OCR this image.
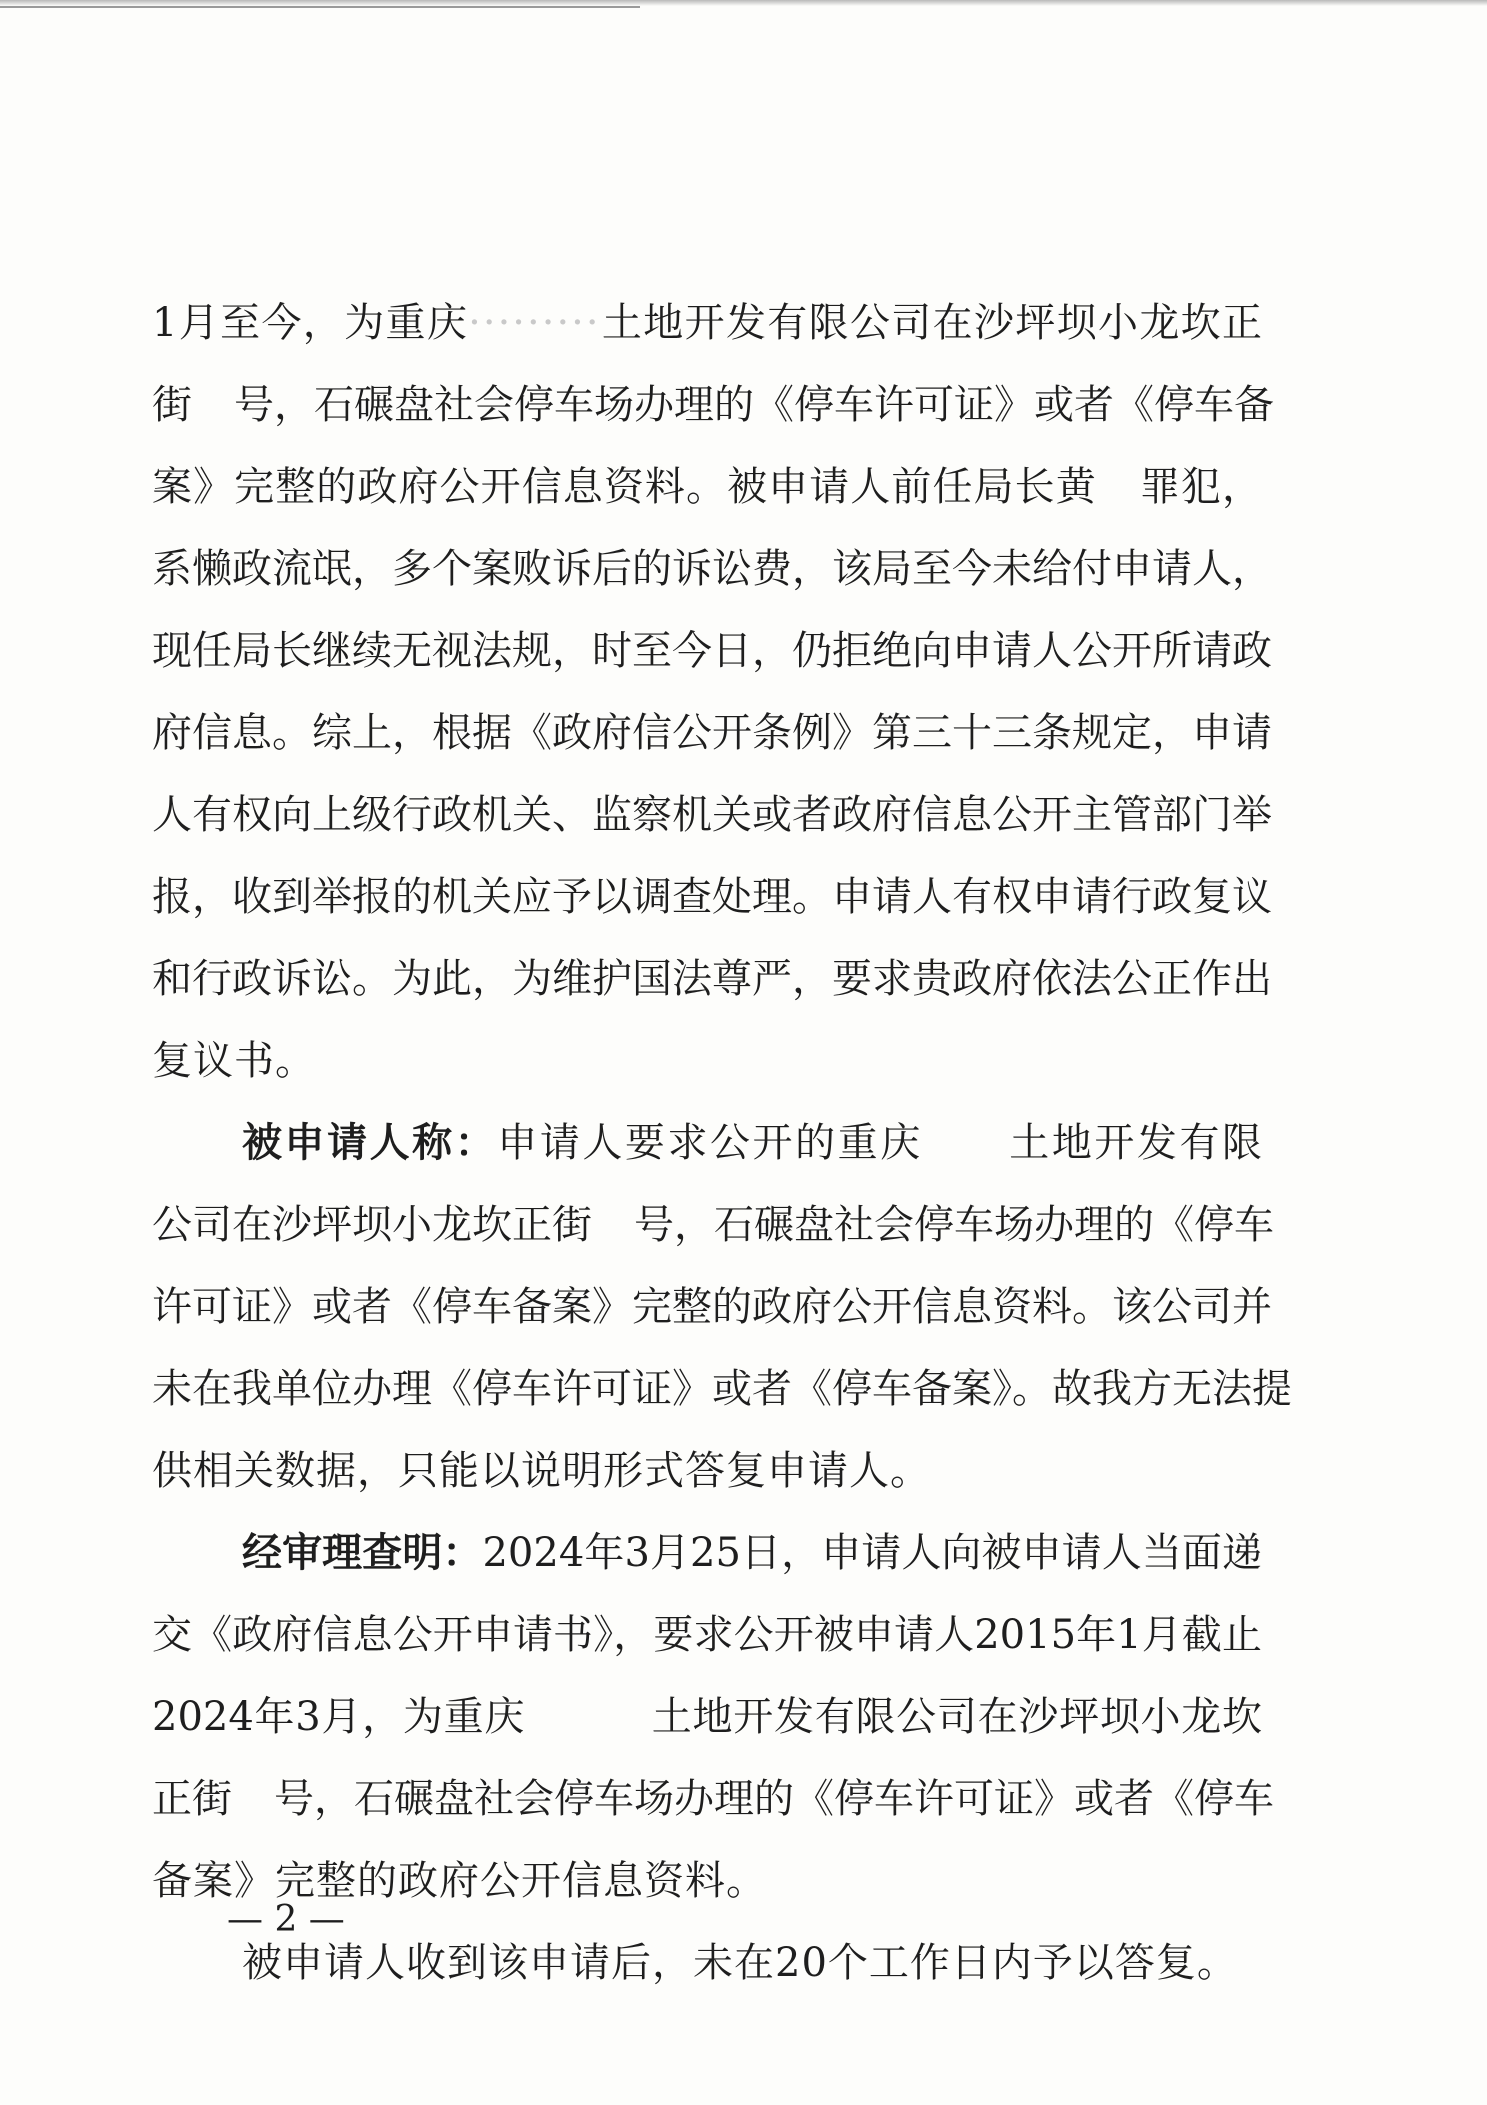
1月至今，为重庆·········土地开发有限公司在沙坪坝小龙坎正
街　 号，石碾盘社会停车场办理的《停车许可证》或者《停车备
案》完整的政府公开信息资料。被申请人前任局长黄　 罪犯，
系懒政流氓，多个案败诉后的诉讼费，该局至今未给付申请人，
现任局长继续无视法规，时至今日，仍拒绝向申请人公开所请政
府信息。综上，根据《政府信公开条例》第三十三条规定，申请
人有权向上级行政机关、监察机关或者政府信息公开主管部门举
报，收到举报的机关应予以调查处理。申请人有权申请行政复议
和行政诉讼。为此，为维护国法尊严，要求贵政府依法公正作出
复议书。
被申请人称：申请人要求公开的重庆　　 土地开发有限
公司在沙坪坝小龙坎正街　 号，石碾盘社会停车场办理的《停车
许可证》或者《停车备案》完整的政府公开信息资料。该公司并
未在我单位办理《停车许可证》或者《停车备案》。故我方无法提
供相关数据，只能以说明形式答复申请人。
经审理查明：2024年3月25日，申请人向被申请人当面递
交《政府信息公开申请书》，要求公开被申请人2015年1月截止
2024年3月，为重庆　　　	土地开发有限公司在沙坪坝小龙坎
正街　 号，石碾盘社会停车场办理的《停车许可证》或者《停车
备案》完整的政府公开信息资料。
被申请人收到该申请后，未在20个工作日内予以答复。
— 2 —
